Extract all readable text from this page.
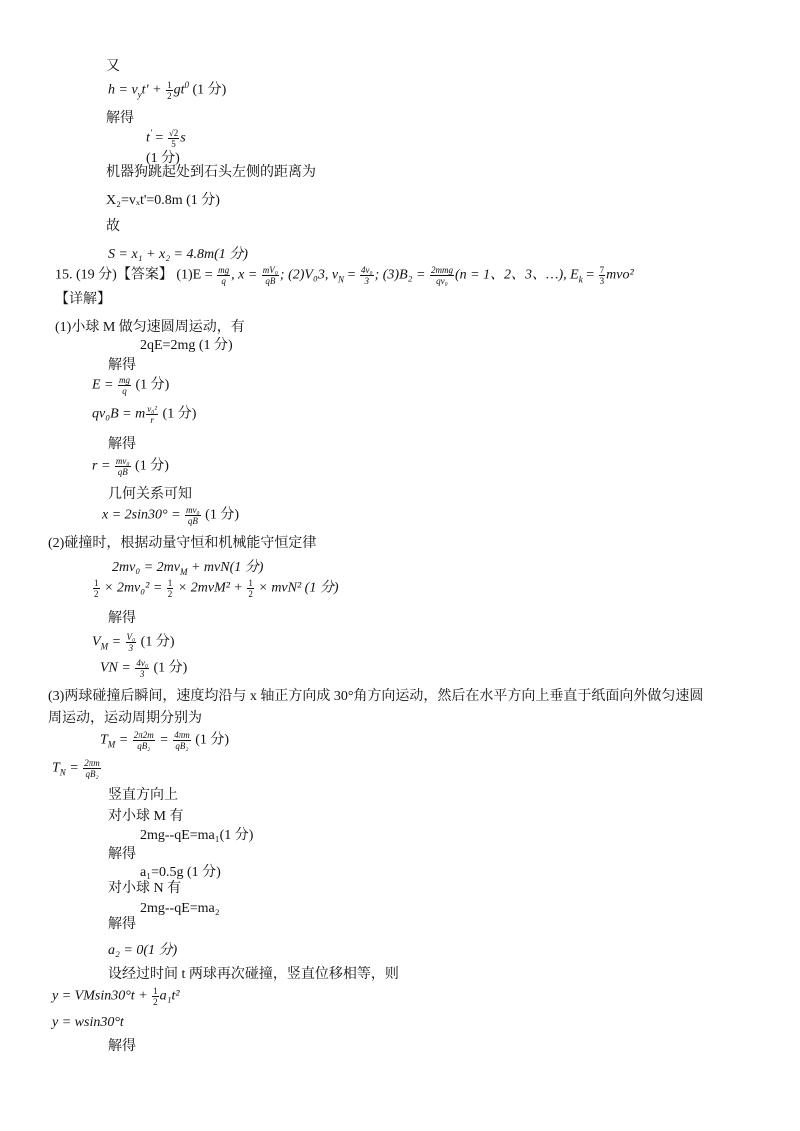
又
$h = v_yt' + \frac{1}{2} gt^0$ (1 分)
解得
$t' = \frac{√2}{5}$ s
(1 分)
机器狗跳起处到石头左侧的距离为
X₂=vₓt'=0.8m (1 分)
故
S = x₁ + x₂ = 4.8m(1 分)
15. (19 分)【答案】 $(1)E = \frac{mg}{q}$ , $x = \frac{\text{mV₀}}{qB}$ ; (2)V₀3, $v_N = \frac{\text{4v₀}}{3}$ ; $(3)B_2 = \frac{\text{2mmg}}{\text{qv₀}} (n = 1$、2、3、…), $E_k = \frac{7}{3} mvo^2$
【详解】
(1)小球 M 做匀速圆周运动，有
2qE=2mg (1 分)
解得
$E = \frac{mg}{q} (1$ 分)
qv₀B = m $\frac{\text{v₀²}}{r} (1$ 分)
解得
$r = \frac{\text{mv₀}}{qB} (1$ 分)
几何关系可知
$x = 2\sin 30^\circ = \frac{\text{mv₀}}{qB} (1$ 分)
(2)碰撞时，根据动量守恒和机械能守恒定律
$2mv_0 = 2mv_M + mvN(1$ 分)
$\frac{1}{2} \times 2mv_0^2 = \frac{1}{2} \times 2mvM^2 + \frac{1}{2} \times mvN^2$ (1 分)
解得
$V_M = \frac{\text{V₀}}{3} (1$ 分)
VN = $\frac{\text{4v₀}}{3} (1$ 分)
(3)两球碰撞后瞬间，速度均沿与 x 轴正方向成 30°角方向运动，然后在水平方向上垂直于纸面向外做匀速圆
周运动，运动周期分别为
$T_M = \frac{2\pi 2m}{\text{qB₂}} = \frac{4\pi m}{\text{qB₂}} (1$ 分)
$T_N = \frac{2\pi m}{\text{qB₂}}$
竖直方向上
对小球 M 有
2mg--qE=ma₁(1 分)
解得
a₁=0.5g (1 分)
对小球 N 有
2mg--qE=ma₂
解得
a₂ = 0(1 分)
设经过时间 t 两球再次碰撞，竖直位移相等，则
$y = VMsin30^\circ t + \frac{1}{2} a_1t^2$
y = wsin30°t
解得
